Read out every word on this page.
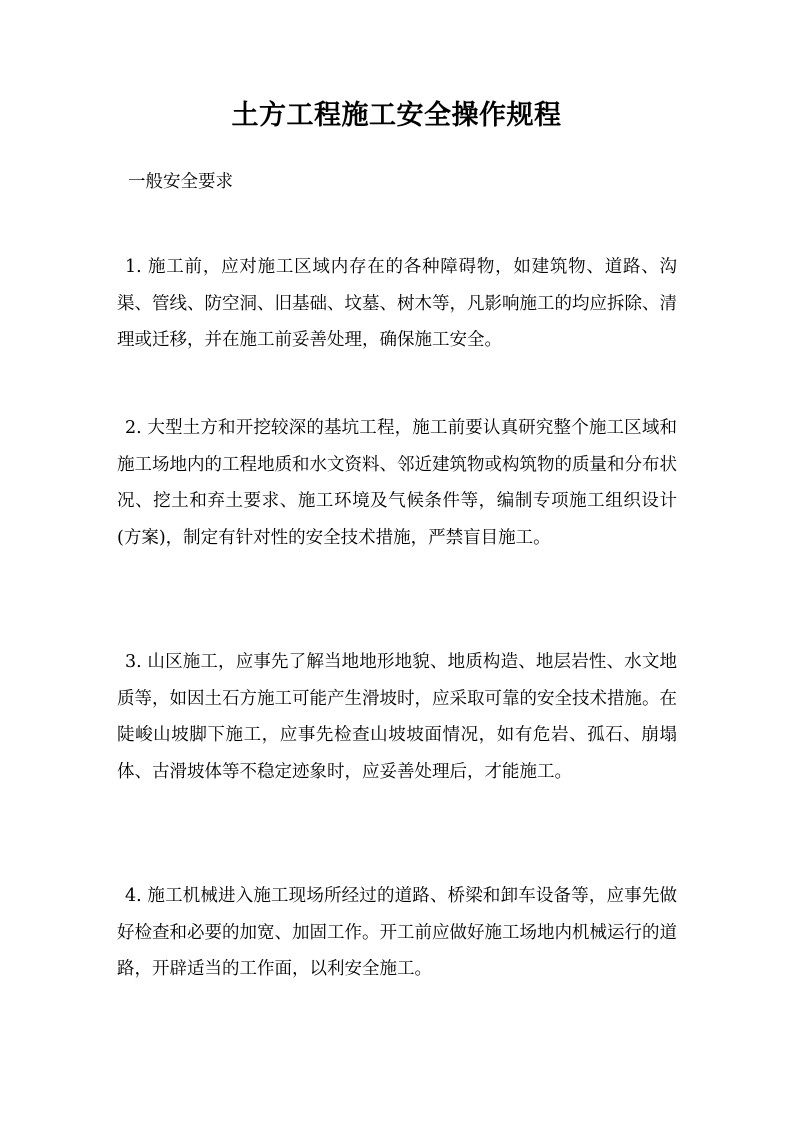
土方工程施工安全操作规程
一般安全要求

1. 施工前，应对施工区域内存在的各种障碍物，如建筑物、道路、沟渠、管线、防空洞、旧基础、坟墓、树木等，凡影响施工的均应拆除、清理或迁移，并在施工前妥善处理，确保施工安全。

2. 大型土方和开挖较深的基坑工程，施工前要认真研究整个施工区域和施工场地内的工程地质和水文资料、邻近建筑物或构筑物的质量和分布状况、挖土和弃土要求、施工环境及气候条件等，编制专项施工组织设计(方案)，制定有针对性的安全技术措施，严禁盲目施工。

3. 山区施工，应事先了解当地地形地貌、地质构造、地层岩性、水文地质等，如因土石方施工可能产生滑坡时，应采取可靠的安全技术措施。在陡峻山坡脚下施工，应事先检查山坡坡面情况，如有危岩、孤石、崩塌体、古滑坡体等不稳定迹象时，应妥善处理后，才能施工。

4. 施工机械进入施工现场所经过的道路、桥梁和卸车设备等，应事先做好检查和必要的加宽、加固工作。开工前应做好施工场地内机械运行的道路，开辟适当的工作面，以利安全施工。
